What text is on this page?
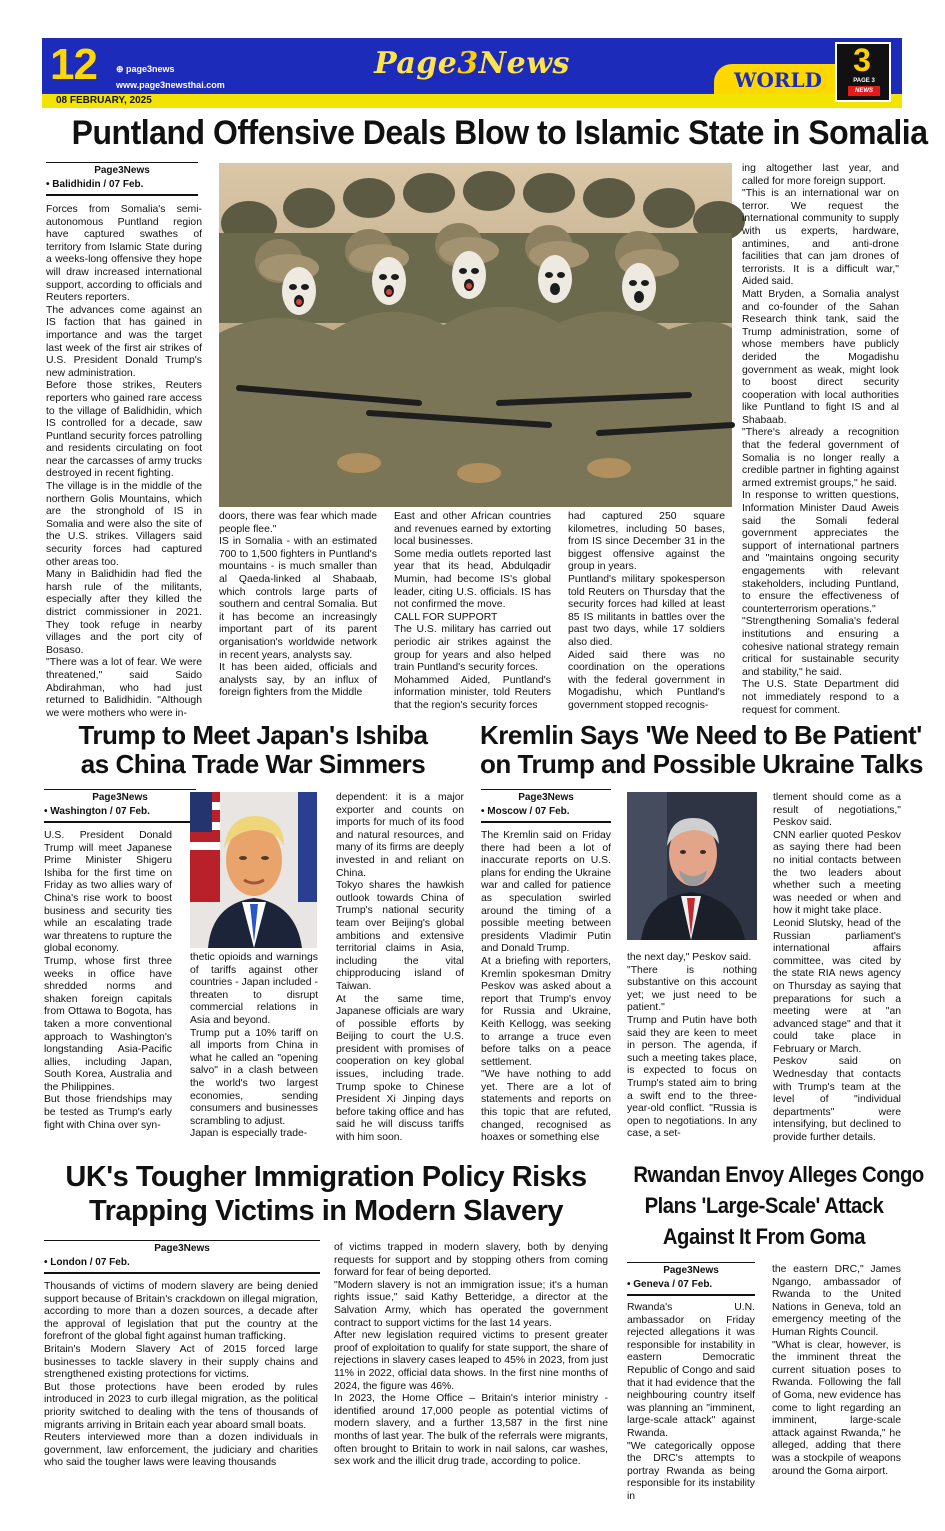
12 ⊕ page3news
www.page3newsthai.com
08 FEBRUARY, 2025
Page3News	WORLD
3
PAGE 3
NEWS
Puntland Offensive Deals Blow to Islamic State in Somalia
Page3News
• Balidhidin / 07 Feb.

Forces from Somalia's semi-autonomous Puntland region have captured swathes of territory from Islamic State during a weeks-long offensive they hope will draw increased international support, according to officials and Reuters reporters.

The advances come against an IS faction that has gained in importance and was the target last week of the first air strikes of U.S. President Donald Trump's new administration.

Before those strikes, Reuters reporters who gained rare access to the village of Balidhidin, which IS controlled for a decade, saw Puntland security forces patrolling and residents circulating on foot near the carcasses of army trucks destroyed in recent fighting.

The village is in the middle of the northern Golis Mountains, which are the stronghold of IS in Somalia and were also the site of the U.S. strikes. Villagers said security forces had captured other areas too.

Many in Balidhidin had fled the harsh rule of the militants, especially after they killed the district commissioner in 2021. They took refuge in nearby villages and the port city of Bosaso.

"There was a lot of fear. We were threatened," said Saido Abdirahman, who had just returned to Balidhidin. "Although we were mothers who were in-

doors, there was fear which made people flee."

IS in Somalia - with an estimated 700 to 1,500 fighters in Puntland's mountains - is much smaller than al Qaeda-linked al Shabaab, which controls large parts of southern and central Somalia. But it has become an increasingly important part of its parent organisation's worldwide network in recent years, analysts say.

It has been aided, officials and analysts say, by an influx of foreign fighters from the Middle

East and other African countries and revenues earned by extorting local businesses.

Some media outlets reported last year that its head, Abdulqadir Mumin, had become IS's global leader, citing U.S. officials. IS has not confirmed the move.

CALL FOR SUPPORT

The U.S. military has carried out periodic air strikes against the group for years and also helped train Puntland's security forces.

Mohammed Aided, Puntland's information minister, told Reuters that the region's security forces

had captured 250 square kilometres, including 50 bases, from IS since December 31 in the biggest offensive against the group in years.

Puntland's military spokesperson told Reuters on Thursday that the security forces had killed at least 85 IS militants in battles over the past two days, while 17 soldiers also died.

Aided said there was no coordination on the operations with the federal government in Mogadishu, which Puntland's government stopped recognis-

ing altogether last year, and called for more foreign support.

"This is an international war on terror. We request the international community to supply with us experts, hardware, antimines, and anti-drone facilities that can jam drones of terrorists. It is a difficult war," Aided said.

Matt Bryden, a Somalia analyst and co-founder of the Sahan Research think tank, said the Trump administration, some of whose members have publicly derided the Mogadishu government as weak, might look to boost direct security cooperation with local authorities like Puntland to fight IS and al Shabaab.

"There's already a recognition that the federal government of Somalia is no longer really a credible partner in fighting against armed extremist groups," he said.

In response to written questions, Information Minister Daud Aweis said the Somali federal government appreciates the support of international partners and "maintains ongoing security engagements with relevant stakeholders, including Puntland, to ensure the effectiveness of counterterrorism operations."

"Strengthening Somalia's federal institutions and ensuring a cohesive national strategy remain critical for sustainable security and stability," he said.

The U.S. State Department did not immediately respond to a request for comment.

Trump to Meet Japan's Ishiba
as China Trade War Simmers
Page3News
• Washington / 07 Feb.

U.S. President Donald Trump will meet Japanese Prime Minister Shigeru Ishiba for the first time on Friday as two allies wary of China's rise work to boost business and security ties while an escalating trade war threatens to rupture the global economy.

Trump, whose first three weeks in office have shredded norms and shaken foreign capitals from Ottawa to Bogota, has taken a more conventional approach to Washington's longstanding Asia-Pacific allies, including Japan, South Korea, Australia and the Philippines.

But those friendships may be tested as Trump's early fight with China over syn-

thetic opioids and warnings of tariffs against other countries - Japan included - threaten to disrupt commercial relations in Asia and beyond.

Trump put a 10% tariff on all imports from China in what he called an "opening salvo" in a clash between the world's two largest economies, sending consumers and businesses scrambling to adjust.

Japan is especially trade-

dependent: it is a major exporter and counts on imports for much of its food and natural resources, and many of its firms are deeply invested in and reliant on China.

Tokyo shares the hawkish outlook towards China of Trump's national security team over Beijing's global ambitions and extensive territorial claims in Asia, including the vital chipproducing island of Taiwan.

At the same time, Japanese officials are wary of possible efforts by Beijing to court the U.S. president with promises of cooperation on key global issues, including trade. Trump spoke to Chinese President Xi Jinping days before taking office and has said he will discuss tariffs with him soon.

Kremlin Says 'We Need to Be Patient'
on Trump and Possible Ukraine Talks
Page3News
• Moscow / 07 Feb.

The Kremlin said on Friday there had been a lot of inaccurate reports on U.S. plans for ending the Ukraine war and called for patience as speculation swirled around the timing of a possible meeting between presidents Vladimir Putin and Donald Trump.

At a briefing with reporters, Kremlin spokesman Dmitry Peskov was asked about a report that Trump's envoy for Russia and Ukraine, Keith Kellogg, was seeking to arrange a truce even before talks on a peace settlement.

"We have nothing to add yet. There are a lot of statements and reports on this topic that are refuted, changed, recognised as hoaxes or something else

the next day," Peskov said.

"There is nothing substantive on this account yet; we just need to be patient."

Trump and Putin have both said they are keen to meet in person. The agenda, if such a meeting takes place, is expected to focus on Trump's stated aim to bring a swift end to the three-year-old conflict. "Russia is open to negotiations. In any case, a set-

tlement should come as a result of negotiations," Peskov said.

CNN earlier quoted Peskov as saying there had been no initial contacts between the two leaders about whether such a meeting was needed or when and how it might take place.

Leonid Slutsky, head of the Russian parliament's international affairs committee, was cited by the state RIA news agency on Thursday as saying that preparations for such a meeting were at "an advanced stage" and that it could take place in February or March.

Peskov said on Wednesday that contacts with Trump's team at the level of "individual departments" were intensifying, but declined to provide further details.

UK's Tougher Immigration Policy Risks
Trapping Victims in Modern Slavery
Page3News
• London / 07 Feb.

Thousands of victims of modern slavery are being denied support because of Britain's crackdown on illegal migration, according to more than a dozen sources, a decade after the approval of legislation that put the country at the forefront of the global fight against human trafficking.

Britain's Modern Slavery Act of 2015 forced large businesses to tackle slavery in their supply chains and strengthened existing protections for victims.

But those protections have been eroded by rules introduced in 2023 to curb illegal migration, as the political priority switched to dealing with the tens of thousands of migrants arriving in Britain each year aboard small boats.

Reuters interviewed more than a dozen individuals in government, law enforcement, the judiciary and charities who said the tougher laws were leaving thousands

of victims trapped in modern slavery, both by denying requests for support and by stopping others from coming forward for fear of being deported.

"Modern slavery is not an immigration issue; it's a human rights issue," said Kathy Betteridge, a director at the Salvation Army, which has operated the government contract to support victims for the last 14 years.

After new legislation required victims to present greater proof of exploitation to qualify for state support, the share of rejections in slavery cases leaped to 45% in 2023, from just 11% in 2022, official data shows. In the first nine months of 2024, the figure was 46%.

In 2023, the Home Office – Britain's interior ministry - identified around 17,000 people as potential victims of modern slavery, and a further 13,587 in the first nine months of last year. The bulk of the referrals were migrants, often brought to Britain to work in nail salons, car washes, sex work and the illicit drug trade, according to police.

Rwandan Envoy Alleges Congo
Plans 'Large-Scale' Attack
Against It From Goma
Page3News
• Geneva / 07 Feb.

Rwanda's U.N. ambassador on Friday rejected allegations it was responsible for instability in eastern Democratic Republic of Congo and said that it had evidence that the neighbouring country itself was planning an "imminent, large-scale attack" against Rwanda.

"We categorically oppose the DRC's attempts to portray Rwanda as being responsible for its instability in

the eastern DRC," James Ngango, ambassador of Rwanda to the United Nations in Geneva, told an emergency meeting of the Human Rights Council.

"What is clear, however, is the imminent threat the current situation poses to Rwanda. Following the fall of Goma, new evidence has come to light regarding an imminent, large-scale attack against Rwanda," he alleged, adding that there was a stockpile of weapons around the Goma airport.
